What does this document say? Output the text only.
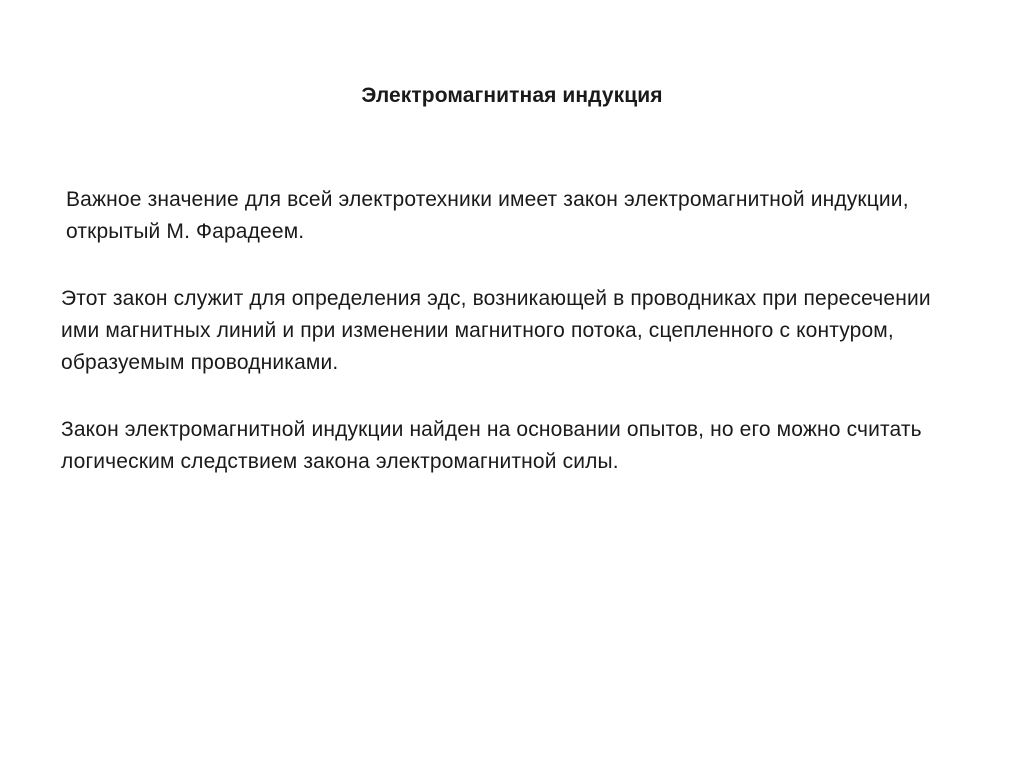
Электромагнитная индукция

Важное значение для всей электротехники имеет закон электромагнитной индукции, открытый М. Фарадеем.

Этот закон служит для определения эдс, возникающей в проводниках при пересечении ими магнитных линий и при изменении магнитного потока, сцепленного с контуром, образуемым проводниками.

Закон электромагнитной индукции найден на основании опытов, но его можно считать логическим следствием закона электромагнитной силы.
